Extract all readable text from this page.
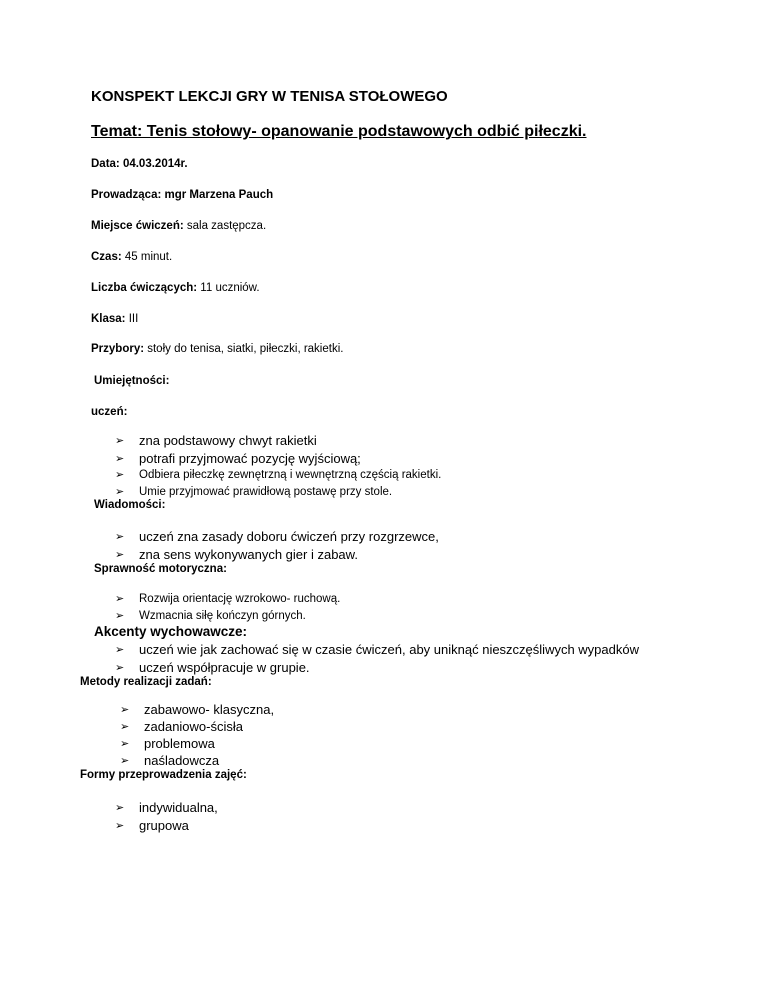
KONSPEKT LEKCJI GRY W TENISA STOŁOWEGO
Temat: Tenis stołowy- opanowanie podstawowych odbić piłeczki.
Data: 04.03.2014r.
Prowadząca: mgr Marzena Pauch
Miejsce ćwiczeń: sala zastępcza.
Czas: 45 minut.
Liczba ćwiczących: 11 uczniów.
Klasa: III
Przybory: stoły do tenisa, siatki, piłeczki, rakietki.
Umiejętności:
uczeń:
➢	zna podstawowy chwyt rakietki
➢	potrafi przyjmować pozycję wyjściową;
➢	Odbiera piłeczkę zewnętrzną i wewnętrzną częścią rakietki.
➢	Umie przyjmować prawidłową postawę przy stole.
Wiadomości:
➢	uczeń zna zasady doboru ćwiczeń przy rozgrzewce,
➢	zna sens wykonywanych gier i zabaw.
Sprawność motoryczna:
➢	Rozwija orientację wzrokowo- ruchową.
➢	Wzmacnia siłę kończyn górnych.
Akcenty wychowawcze:
➢	uczeń wie jak zachować się w czasie ćwiczeń, aby uniknąć nieszczęśliwych wypadków
➢	uczeń współpracuje w grupie.
Metody realizacji zadań:
➢	zabawowo- klasyczna,
➢	zadaniowo-ścisła
➢	problemowa
➢	naśladowcza
Formy przeprowadzenia zajęć:
➢	indywidualna,
➢	grupowa
